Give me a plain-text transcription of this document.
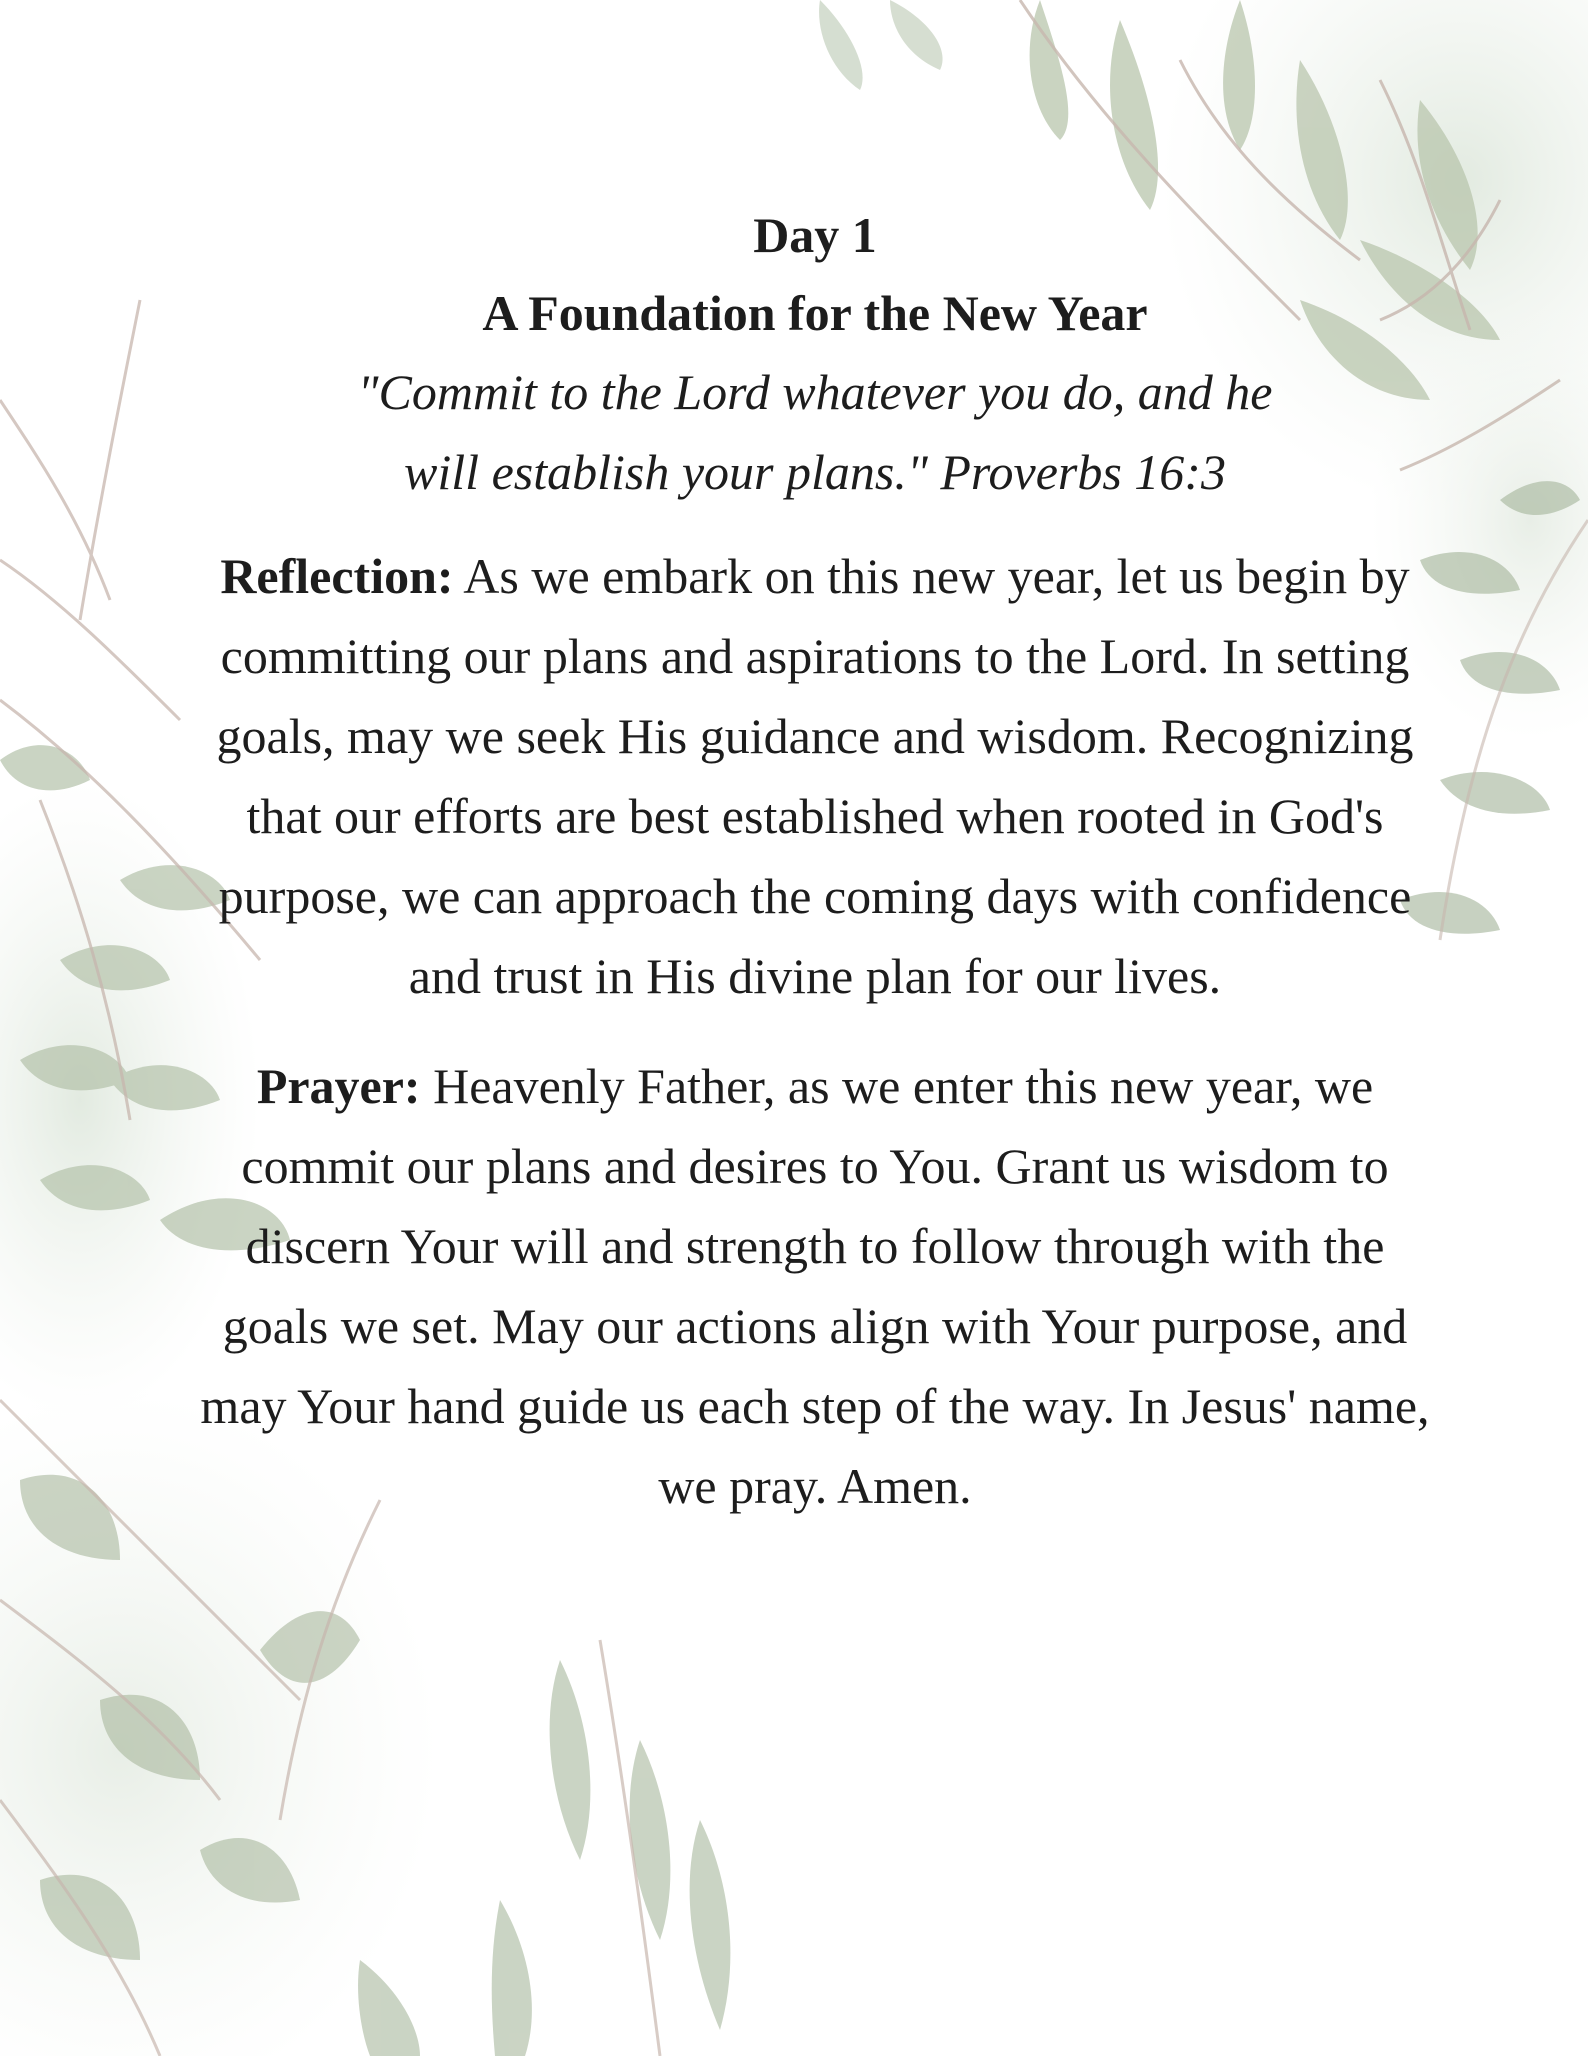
Day 1
A Foundation for the New Year
"Commit to the Lord whatever you do, and he will establish your plans." Proverbs 16:3

Reflection: As we embark on this new year, let us begin by committing our plans and aspirations to the Lord. In setting goals, may we seek His guidance and wisdom. Recognizing that our efforts are best established when rooted in God's purpose, we can approach the coming days with confidence and trust in His divine plan for our lives.

Prayer: Heavenly Father, as we enter this new year, we commit our plans and desires to You. Grant us wisdom to discern Your will and strength to follow through with the goals we set. May our actions align with Your purpose, and may Your hand guide us each step of the way. In Jesus' name, we pray. Amen.
